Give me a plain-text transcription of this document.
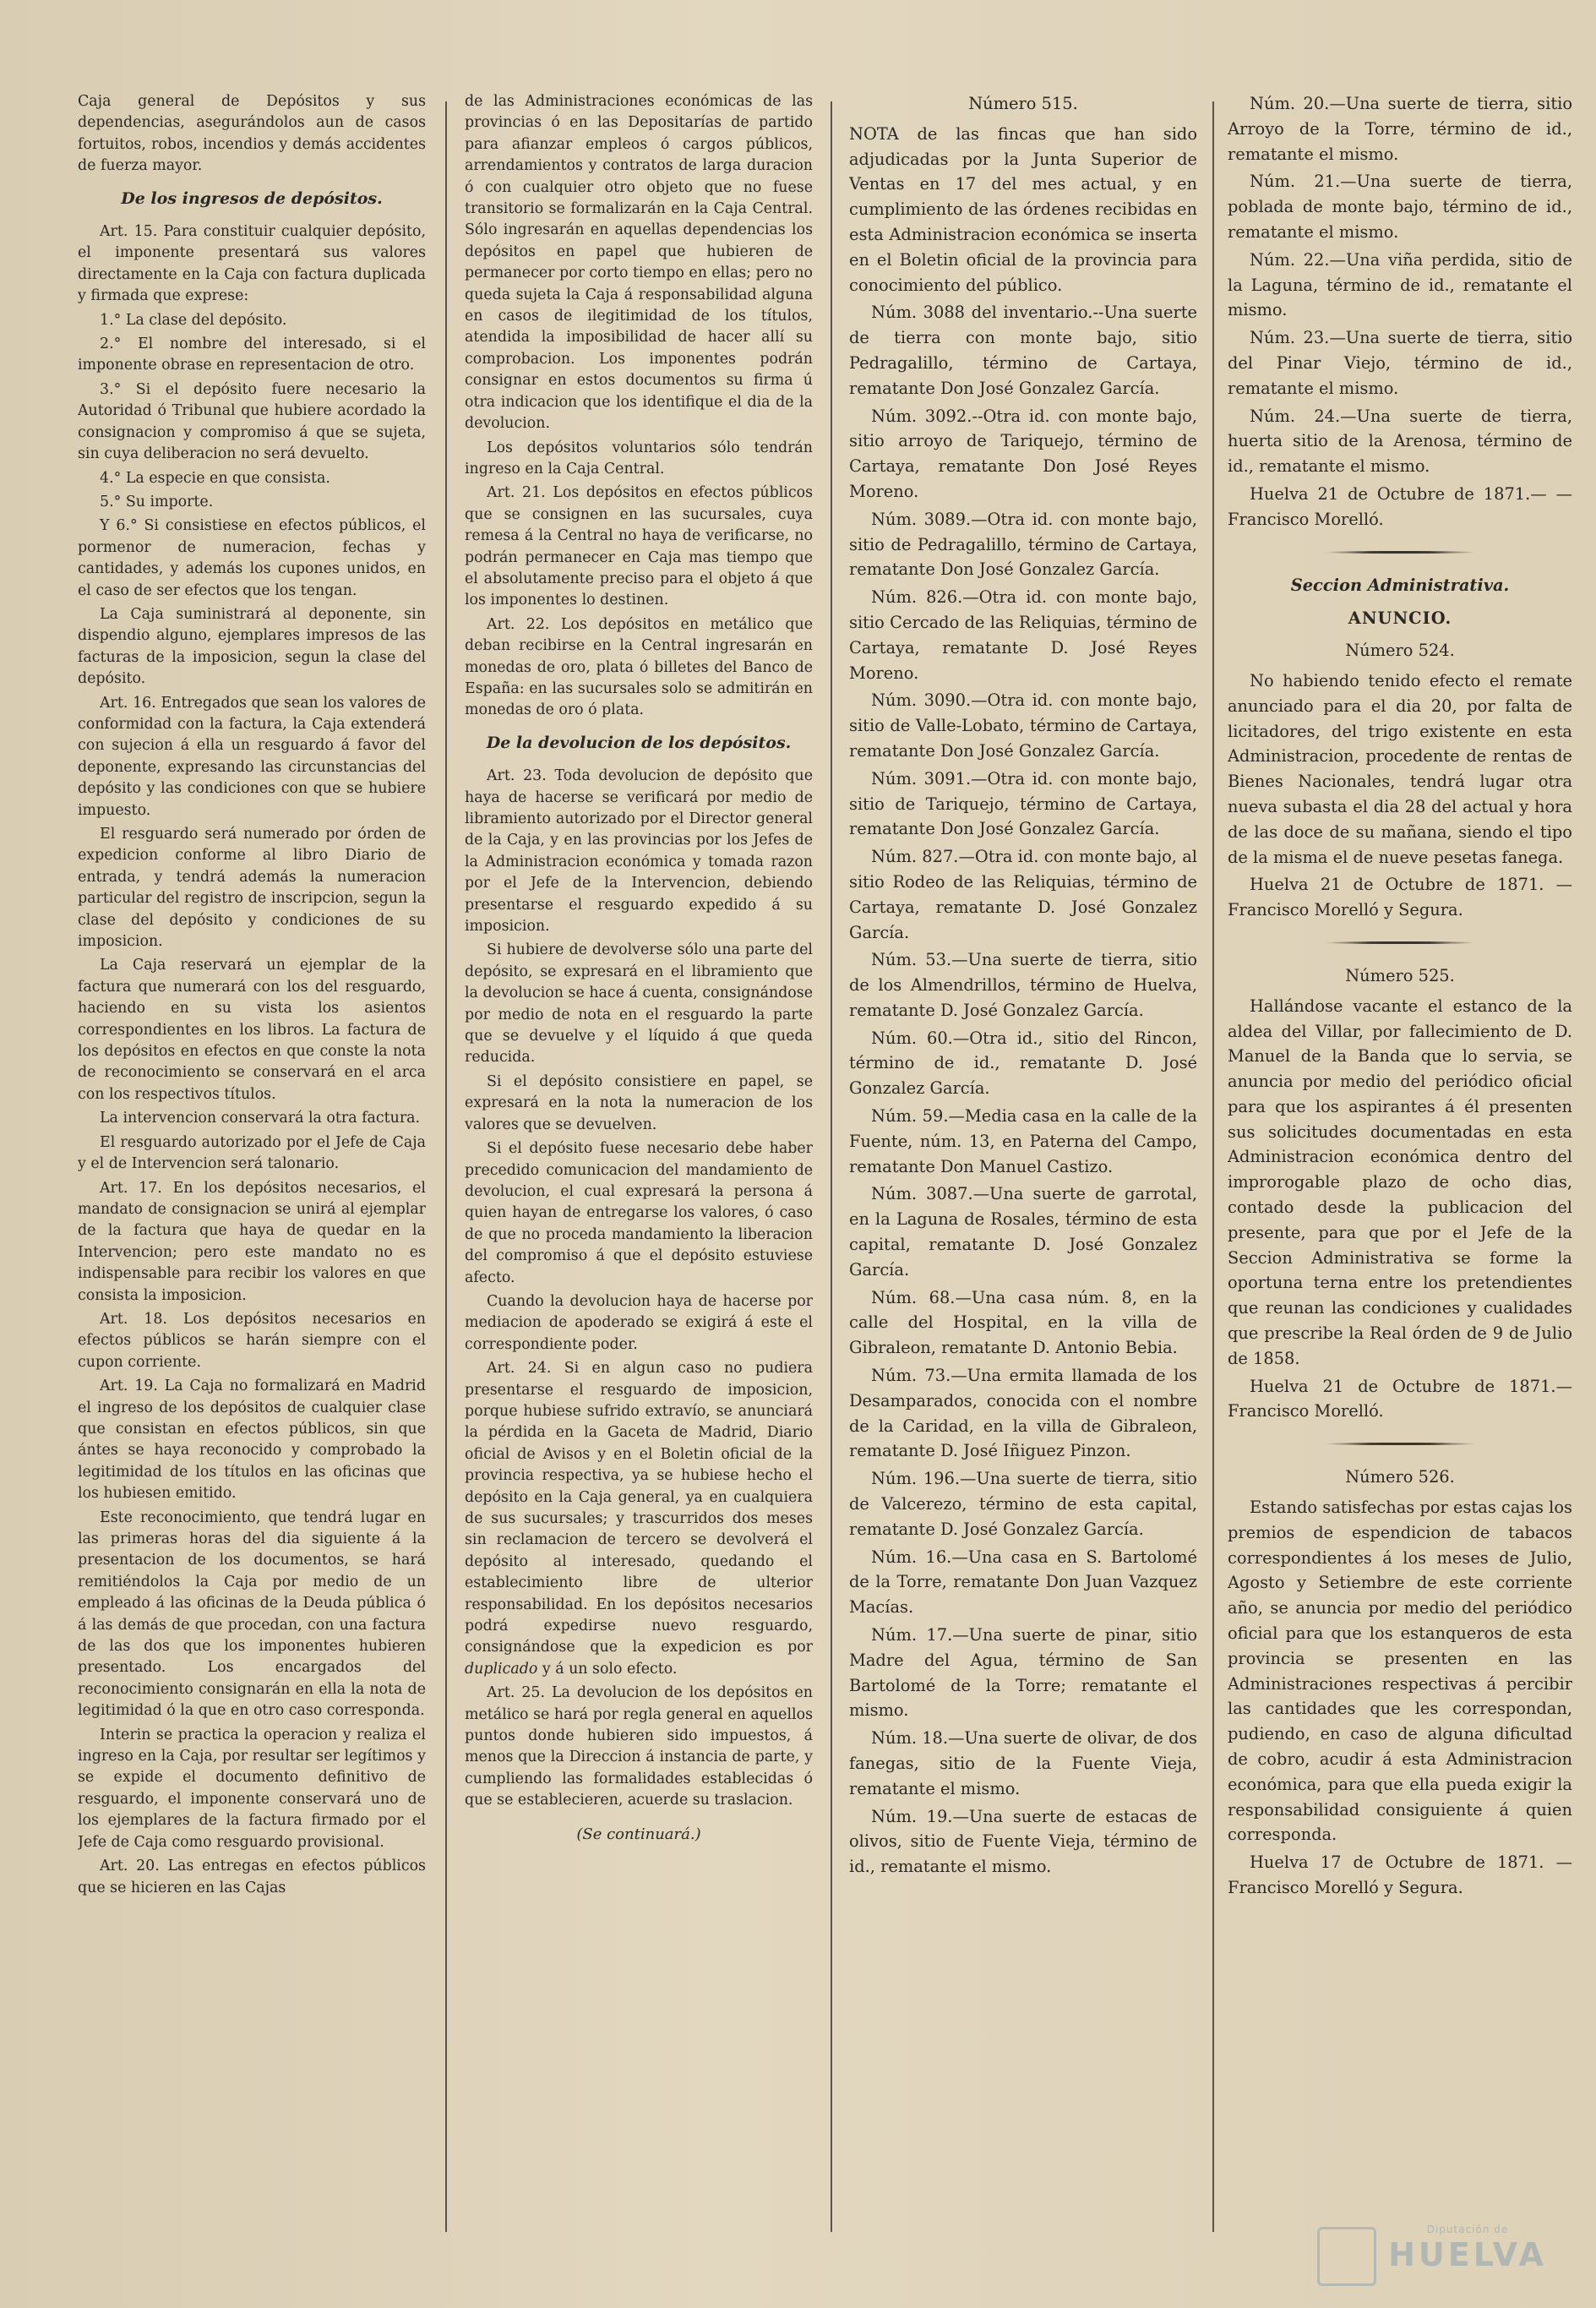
Caja general de Depósitos y sus dependencias, asegurándolos aun de casos fortuitos, robos, incendios y demás accidentes de fuerza mayor.

De los ingresos de depósitos.

Art. 15. Para constituir cualquier depósito, el imponente presentará sus valores directamente en la Caja con factura duplicada y firmada que exprese:

1.° La clase del depósito.

2.° El nombre del interesado, si el imponente obrase en representacion de otro.

3.° Si el depósito fuere necesario la Autoridad ó Tribunal que hubiere acordado la consignacion y compromiso á que se sujeta, sin cuya deliberacion no será devuelto.

4.° La especie en que consista.

5.° Su importe.

Y 6.° Si consistiese en efectos públicos, el pormenor de numeracion, fechas y cantidades, y además los cupones unidos, en el caso de ser efectos que los tengan.

La Caja suministrará al deponente, sin dispendio alguno, ejemplares impresos de las facturas de la imposicion, segun la clase del depósito.

Art. 16. Entregados que sean los valores de conformidad con la factura, la Caja extenderá con sujecion á ella un resguardo á favor del deponente, expresando las circunstancias del depósito y las condiciones con que se hubiere impuesto.

El resguardo será numerado por órden de expedicion conforme al libro Diario de entrada, y tendrá además la numeracion particular del registro de inscripcion, segun la clase del depósito y condiciones de su imposicion.

La Caja reservará un ejemplar de la factura que numerará con los del resguardo, haciendo en su vista los asientos correspondientes en los libros. La factura de los depósitos en efectos en que conste la nota de reconocimiento se conservará en el arca con los respectivos títulos.

La intervencion conservará la otra factura.

El resguardo autorizado por el Jefe de Caja y el de Intervencion será talonario.

Art. 17. En los depósitos necesarios, el mandato de consignacion se unirá al ejemplar de la factura que haya de quedar en la Intervencion; pero este mandato no es indispensable para recibir los valores en que consista la imposicion.

Art. 18. Los depósitos necesarios en efectos públicos se harán siempre con el cupon corriente.

Art. 19. La Caja no formalizará en Madrid el ingreso de los depósitos de cualquier clase que consistan en efectos públicos, sin que ántes se haya reconocido y comprobado la legitimidad de los títulos en las oficinas que los hubiesen emitido.

Este reconocimiento, que tendrá lugar en las primeras horas del dia siguiente á la presentacion de los documentos, se hará remitiéndolos la Caja por medio de un empleado á las oficinas de la Deuda pública ó á las demás de que procedan, con una factura de las dos que los imponentes hubieren presentado. Los encargados del reconocimiento consignarán en ella la nota de legitimidad ó la que en otro caso corresponda.

Interin se practica la operacion y realiza el ingreso en la Caja, por resultar ser legítimos y se expide el documento definitivo de resguardo, el imponente conservará uno de los ejemplares de la factura firmado por el Jefe de Caja como resguardo provisional.

Art. 20. Las entregas en efectos públicos que se hicieren en las Cajas

de las Administraciones económicas de las provincias ó en las Depositarías de partido para afianzar empleos ó cargos públicos, arrendamientos y contratos de larga duracion ó con cualquier otro objeto que no fuese transitorio se formalizarán en la Caja Central. Sólo ingresarán en aquellas dependencias los depósitos en papel que hubieren de permanecer por corto tiempo en ellas; pero no queda sujeta la Caja á responsabilidad alguna en casos de ilegitimidad de los títulos, atendida la imposibilidad de hacer allí su comprobacion. Los imponentes podrán consignar en estos documentos su firma ú otra indicacion que los identifique el dia de la devolucion.

Los depósitos voluntarios sólo tendrán ingreso en la Caja Central.

Art. 21. Los depósitos en efectos públicos que se consignen en las sucursales, cuya remesa á la Central no haya de verificarse, no podrán permanecer en Caja mas tiempo que el absolutamente preciso para el objeto á que los imponentes lo destinen.

Art. 22. Los depósitos en metálico que deban recibirse en la Central ingresarán en monedas de oro, plata ó billetes del Banco de España: en las sucursales solo se admitirán en monedas de oro ó plata.

De la devolucion de los depósitos.

Art. 23. Toda devolucion de depósito que haya de hacerse se verificará por medio de libramiento autorizado por el Director general de la Caja, y en las provincias por los Jefes de la Administracion económica y tomada razon por el Jefe de la Intervencion, debiendo presentarse el resguardo expedido á su imposicion.

Si hubiere de devolverse sólo una parte del depósito, se expresará en el libramiento que la devolucion se hace á cuenta, consignándose por medio de nota en el resguardo la parte que se devuelve y el líquido á que queda reducida.

Si el depósito consistiere en papel, se expresará en la nota la numeracion de los valores que se devuelven.

Si el depósito fuese necesario debe haber precedido comunicacion del mandamiento de devolucion, el cual expresará la persona á quien hayan de entregarse los valores, ó caso de que no proceda mandamiento la liberacion del compromiso á que el depósito estuviese afecto.

Cuando la devolucion haya de hacerse por mediacion de apoderado se exigirá á este el correspondiente poder.

Art. 24. Si en algun caso no pudiera presentarse el resguardo de imposicion, porque hubiese sufrido extravío, se anunciará la pérdida en la Gaceta de Madrid, Diario oficial de Avisos y en el Boletin oficial de la provincia respectiva, ya se hubiese hecho el depósito en la Caja general, ya en cualquiera de sus sucursales; y trascurridos dos meses sin reclamacion de tercero se devolverá el depósito al interesado, quedando el establecimiento libre de ulterior responsabilidad. En los depósitos necesarios podrá expedirse nuevo resguardo, consignándose que la expedicion es por duplicado y á un solo efecto.

Art. 25. La devolucion de los depósitos en metálico se hará por regla general en aquellos puntos donde hubieren sido impuestos, á menos que la Direccion á instancia de parte, y cumpliendo las formalidades establecidas ó que se establecieren, acuerde su traslacion.

(Se continuará.)

Número 515.

NOTA de las fincas que han sido adjudicadas por la Junta Superior de Ventas en 17 del mes actual, y en cumplimiento de las órdenes recibidas en esta Administracion económica se inserta en el Boletin oficial de la provincia para conocimiento del público.

Núm. 3088 del inventario.--Una suerte de tierra con monte bajo, sitio Pedragalillo, término de Cartaya, rematante Don José Gonzalez García.

Núm. 3092.--Otra id. con monte bajo, sitio arroyo de Tariquejo, término de Cartaya, rematante Don José Reyes Moreno.

Núm. 3089.—Otra id. con monte bajo, sitio de Pedragalillo, término de Cartaya, rematante Don José Gonzalez García.

Núm. 826.—Otra id. con monte bajo, sitio Cercado de las Reliquias, término de Cartaya, rematante D. José Reyes Moreno.

Núm. 3090.—Otra id. con monte bajo, sitio de Valle-Lobato, término de Cartaya, rematante Don José Gonzalez García.

Núm. 3091.—Otra id. con monte bajo, sitio de Tariquejo, término de Cartaya, rematante Don José Gonzalez García.

Núm. 827.—Otra id. con monte bajo, al sitio Rodeo de las Reliquias, término de Cartaya, rematante D. José Gonzalez García.

Núm. 53.—Una suerte de tierra, sitio de los Almendrillos, término de Huelva, rematante D. José Gonzalez García.

Núm. 60.—Otra id., sitio del Rincon, término de id., rematante D. José Gonzalez García.

Núm. 59.—Media casa en la calle de la Fuente, núm. 13, en Paterna del Campo, rematante Don Manuel Castizo.

Núm. 3087.—Una suerte de garrotal, en la Laguna de Rosales, término de esta capital, rematante D. José Gonzalez García.

Núm. 68.—Una casa núm. 8, en la calle del Hospital, en la villa de Gibraleon, rematante D. Antonio Bebia.

Núm. 73.—Una ermita llamada de los Desamparados, conocida con el nombre de la Caridad, en la villa de Gibraleon, rematante D. José Iñiguez Pinzon.

Núm. 196.—Una suerte de tierra, sitio de Valcerezo, término de esta capital, rematante D. José Gonzalez García.

Núm. 16.—Una casa en S. Bartolomé de la Torre, rematante Don Juan Vazquez Macías.

Núm. 17.—Una suerte de pinar, sitio Madre del Agua, término de San Bartolomé de la Torre; rematante el mismo.

Núm. 18.—Una suerte de olivar, de dos fanegas, sitio de la Fuente Vieja, rematante el mismo.

Núm. 19.—Una suerte de estacas de olivos, sitio de Fuente Vieja, término de id., rematante el mismo.

Núm. 20.—Una suerte de tierra, sitio Arroyo de la Torre, término de id., rematante el mismo.

Núm. 21.—Una suerte de tierra, poblada de monte bajo, término de id., rematante el mismo.

Núm. 22.—Una viña perdida, sitio de la Laguna, término de id., rematante el mismo.

Núm. 23.—Una suerte de tierra, sitio del Pinar Viejo, término de id., rematante el mismo.

Núm. 24.—Una suerte de tierra, huerta sitio de la Arenosa, término de id., rematante el mismo.

Huelva 21 de Octubre de 1871.— —Francisco Morelló.

Seccion Administrativa.

ANUNCIO.

Número 524.

No habiendo tenido efecto el remate anunciado para el dia 20, por falta de licitadores, del trigo existente en esta Administracion, procedente de rentas de Bienes Nacionales, tendrá lugar otra nueva subasta el dia 28 del actual y hora de las doce de su mañana, siendo el tipo de la misma el de nueve pesetas fanega.

Huelva 21 de Octubre de 1871. —Francisco Morelló y Segura.

Número 525.

Hallándose vacante el estanco de la aldea del Villar, por fallecimiento de D. Manuel de la Banda que lo servia, se anuncia por medio del periódico oficial para que los aspirantes á él presenten sus solicitudes documentadas en esta Administracion económica dentro del improrogable plazo de ocho dias, contado desde la publicacion del presente, para que por el Jefe de la Seccion Administrativa se forme la oportuna terna entre los pretendientes que reunan las condiciones y cualidades que prescribe la Real órden de 9 de Julio de 1858.

Huelva 21 de Octubre de 1871.— Francisco Morelló.

Número 526.

Estando satisfechas por estas cajas los premios de espendicion de tabacos correspondientes á los meses de Julio, Agosto y Setiembre de este corriente año, se anuncia por medio del periódico oficial para que los estanqueros de esta provincia se presenten en las Administraciones respectivas á percibir las cantidades que les correspondan, pudiendo, en caso de alguna dificultad de cobro, acudir á esta Administracion económica, para que ella pueda exigir la responsabilidad consiguiente á quien corresponda.

Huelva 17 de Octubre de 1871. —Francisco Morelló y Segura.

Diputación de
HUELVA
